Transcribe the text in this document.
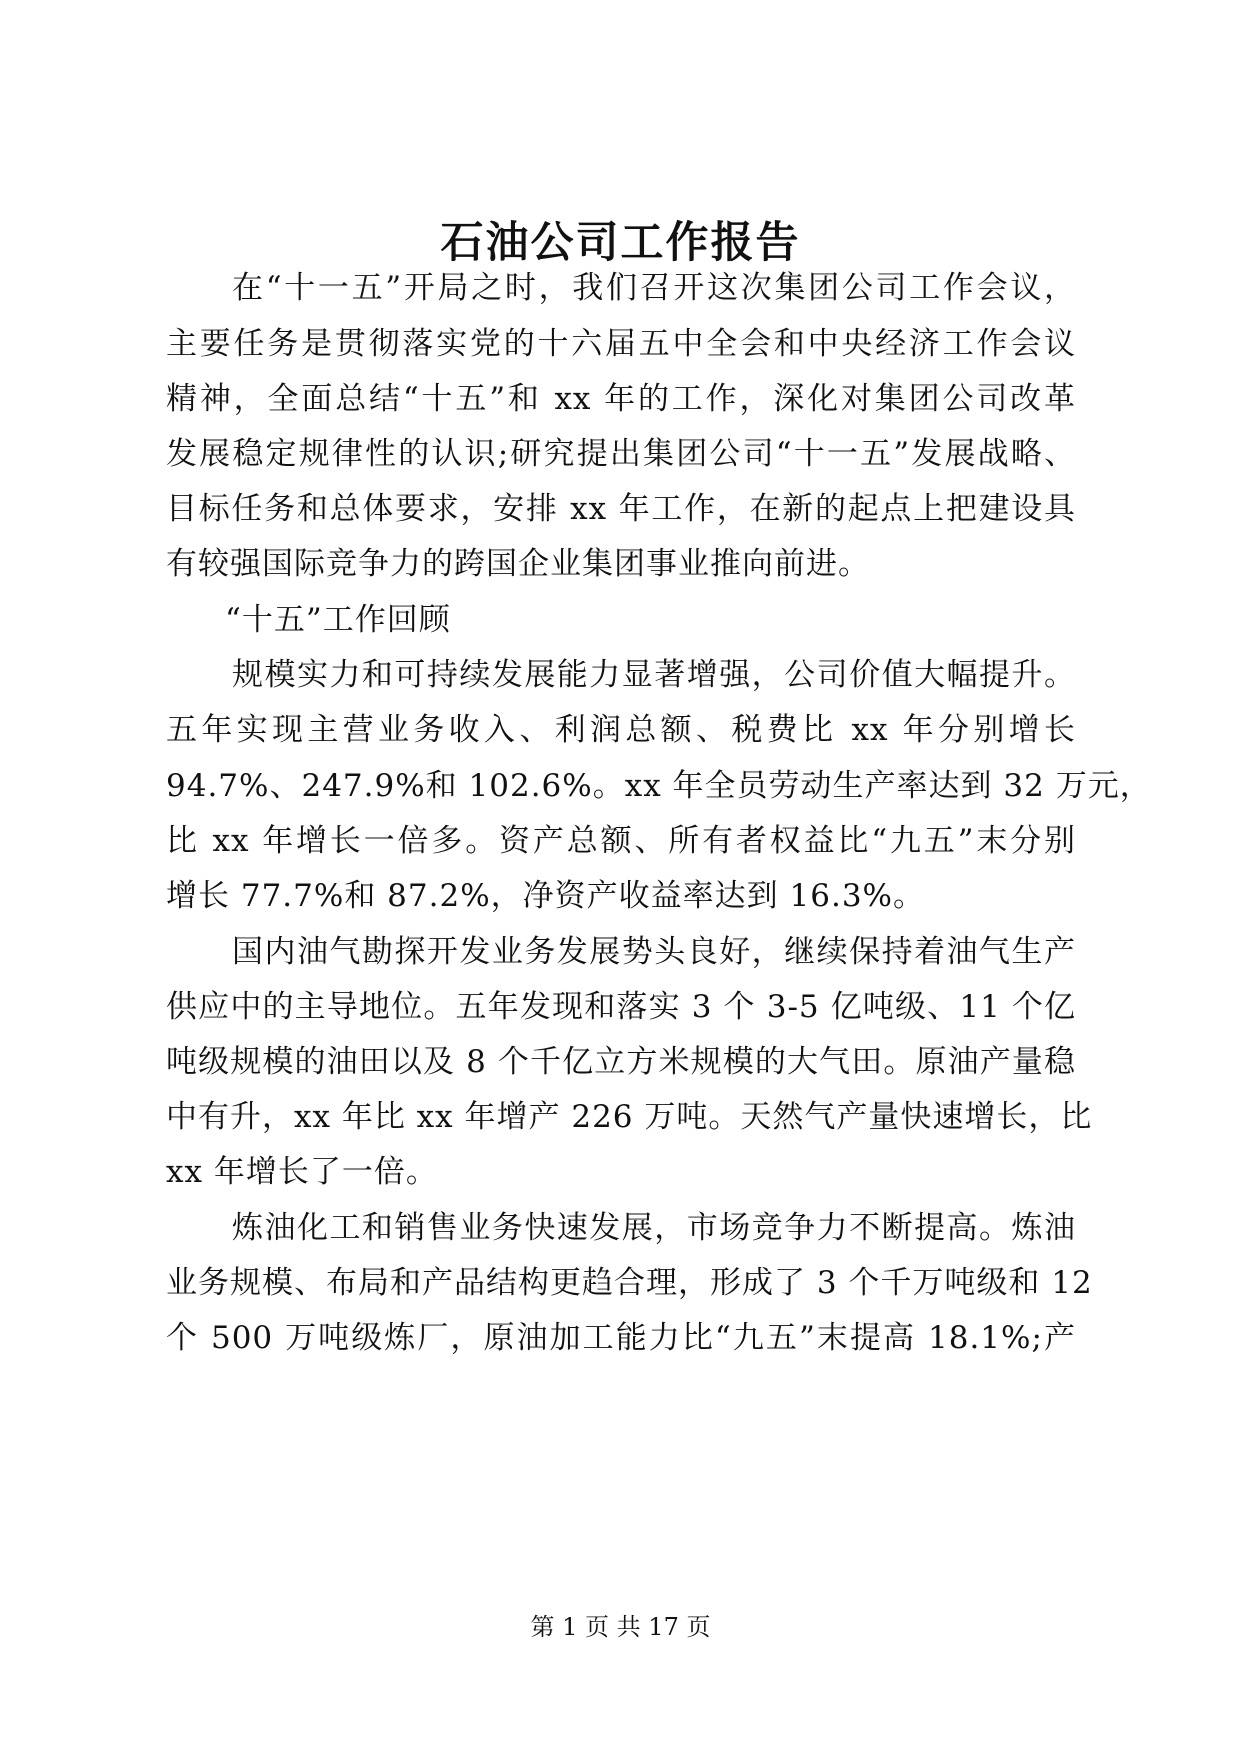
石油公司工作报告
在“十一五”开局之时，我们召开这次集团公司工作会议，
主要任务是贯彻落实党的十六届五中全会和中央经济工作会议
精神，全面总结“十五”和 xx 年的工作，深化对集团公司改革
发展稳定规律性的认识;研究提出集团公司“十一五”发展战略、
目标任务和总体要求，安排 xx 年工作，在新的起点上把建设具
有较强国际竞争力的跨国企业集团事业推向前进。
“十五”工作回顾
规模实力和可持续发展能力显著增强，公司价值大幅提升。
五年实现主营业务收入、利润总额、税费比 xx 年分别增长
94.7%、247.9%和 102.6%。xx 年全员劳动生产率达到 32 万元，
比 xx 年增长一倍多。资产总额、所有者权益比“九五”末分别
增长 77.7%和 87.2%，净资产收益率达到 16.3%。
国内油气勘探开发业务发展势头良好，继续保持着油气生产
供应中的主导地位。五年发现和落实 3 个 3-5 亿吨级、11 个亿
吨级规模的油田以及 8 个千亿立方米规模的大气田。原油产量稳
中有升，xx 年比 xx 年增产 226 万吨。天然气产量快速增长，比
xx 年增长了一倍。
炼油化工和销售业务快速发展，市场竞争力不断提高。炼油
业务规模、布局和产品结构更趋合理，形成了 3 个千万吨级和 12
个 500 万吨级炼厂，原油加工能力比“九五”末提高 18.1%;产
第 1 页 共 17 页
